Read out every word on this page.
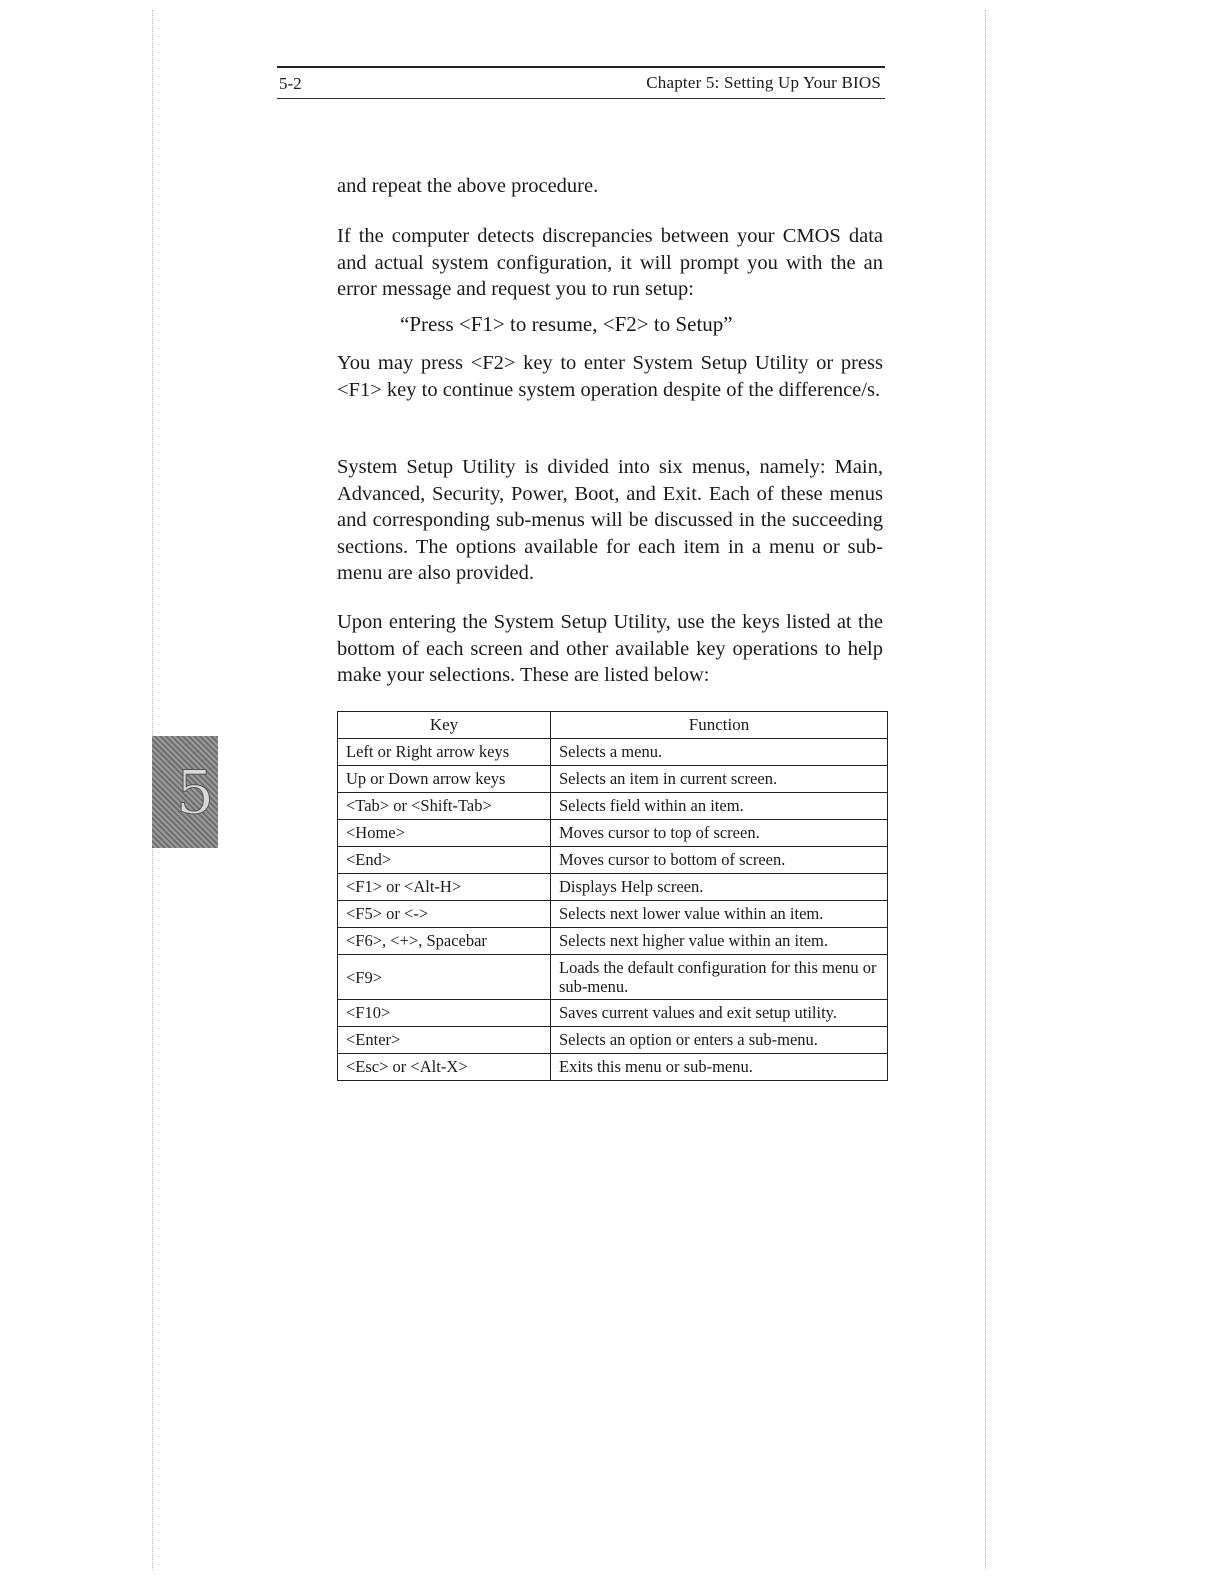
5-2	Chapter 5: Setting Up Your BIOS
and repeat the above procedure.
If the computer detects discrepancies between your CMOS data and actual system configuration, it will prompt you with the an error message and request you to run setup:
“Press <F1> to resume, <F2> to Setup”
You may press <F2> key to enter System Setup Utility or press <F1> key to continue system operation despite of the difference/s.
System Setup Utility is divided into six menus, namely: Main, Advanced, Security, Power, Boot, and Exit. Each of these menus and corresponding sub-menus will be discussed in the succeeding sections. The options available for each item in a menu or sub-menu are also provided.
Upon entering the System Setup Utility, use the keys listed at the bottom of each screen and other available key operations to help make your selections. These are listed below:
5
Key	Function
Left or Right arrow keys	Selects a menu.
Up or Down arrow keys	Selects an item in current screen.
<Tab> or <Shift-Tab>	Selects field within an item.
<Home>	Moves cursor to top of screen.
<End>	Moves cursor to bottom of screen.
<F1> or <Alt-H>	Displays Help screen.
<F5> or <->	Selects next lower value within an item.
<F6>, <+>, Spacebar	Selects next higher value within an item.
<F9>	Loads the default configuration for this menu or sub-menu.
<F10>	Saves current values and exit setup utility.
<Enter>	Selects an option or enters a sub-menu.
<Esc> or <Alt-X>	Exits this menu or sub-menu.
